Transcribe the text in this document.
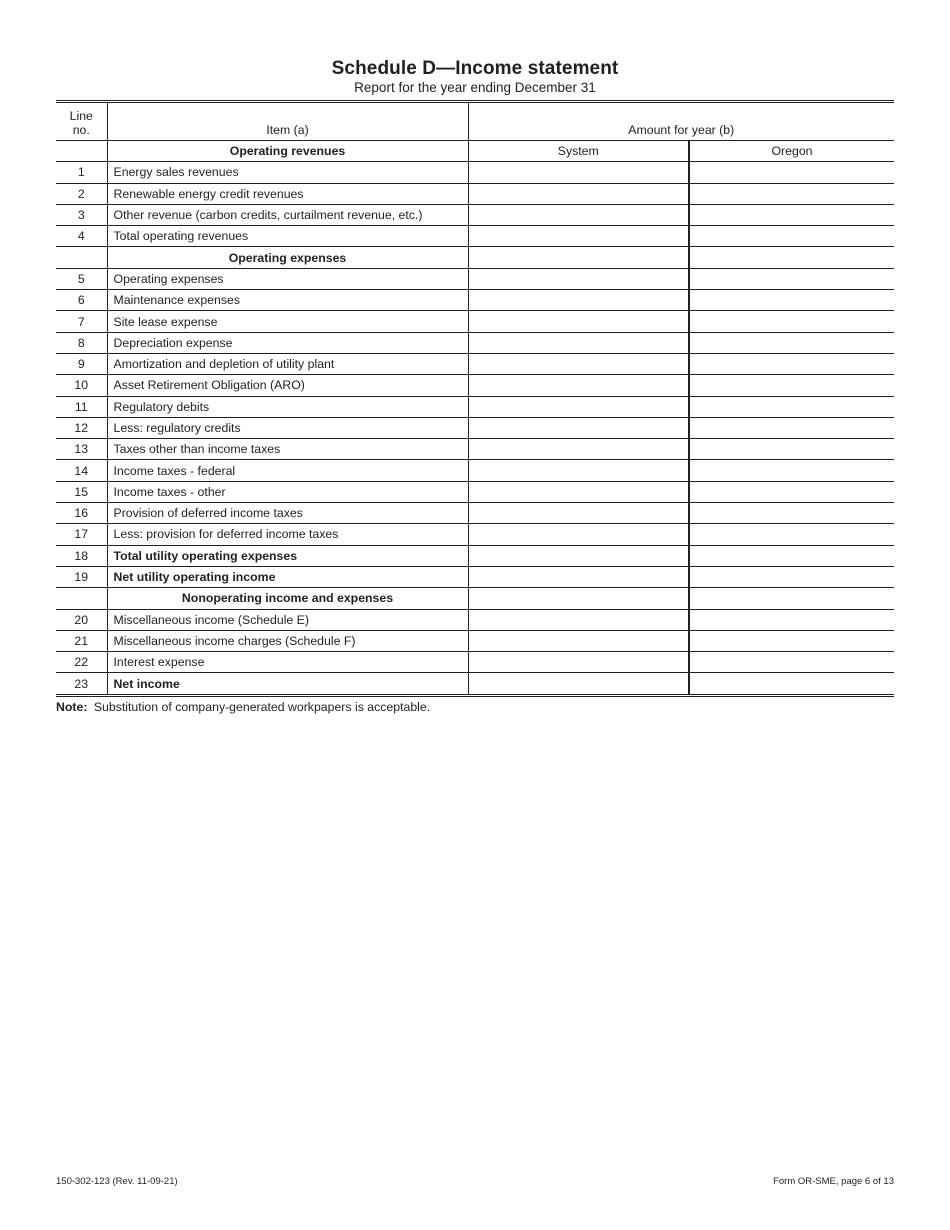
Schedule D—Income statement
Report for the year ending December 31
Line
no.	Item (a)	Amount for year (b)	
	Operating revenues	System	Oregon
1	Energy sales revenues		
2	Renewable energy credit revenues		
3	Other revenue (carbon credits, curtailment revenue, etc.)		
4	Total operating revenues		
	Operating expenses		
5	Operating expenses		
6	Maintenance expenses		
7	Site lease expense		
8	Depreciation expense		
9	Amortization and depletion of utility plant		
10	Asset Retirement Obligation (ARO)		
11	Regulatory debits		
12	Less: regulatory credits		
13	Taxes other than income taxes		
14	Income taxes - federal		
15	Income taxes - other		
16	Provision of deferred income taxes		
17	Less: provision for deferred income taxes		
18	Total utility operating expenses		
19	Net utility operating income		
	Nonoperating income and expenses		
20	Miscellaneous income (Schedule E)		
21	Miscellaneous income charges (Schedule F)		
22	Interest expense		
23	Net income		
Note: Substitution of company-generated workpapers is acceptable.
150-302-123 (Rev. 11-09-21)	Form OR-SME, page 6 of 13
